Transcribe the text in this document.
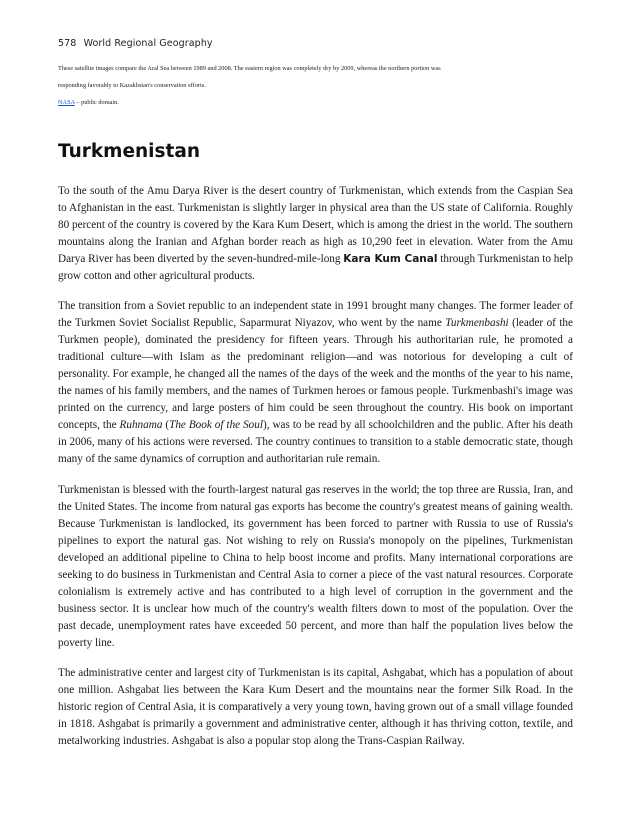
578 World Regional Geography
These satellite images compare the Aral Sea between 1989 and 2008. The eastern region was completely dry by 2009, whereas the northern portion was responding favorably to Kazakhstan's conservation efforts.
NASA – public domain.
Turkmenistan

To the south of the Amu Darya River is the desert country of Turkmenistan, which extends from the Caspian Sea to Afghanistan in the east. Turkmenistan is slightly larger in physical area than the US state of California. Roughly 80 percent of the country is covered by the Kara Kum Desert, which is among the driest in the world. The southern mountains along the Iranian and Afghan border reach as high as 10,290 feet in elevation. Water from the Amu Darya River has been diverted by the seven-hundred-mile-long Kara Kum Canal through Turkmenistan to help grow cotton and other agricultural products.

The transition from a Soviet republic to an independent state in 1991 brought many changes. The former leader of the Turkmen Soviet Socialist Republic, Saparmurat Niyazov, who went by the name Turkmenbashi (leader of the Turkmen people), dominated the presidency for fifteen years. Through his authoritarian rule, he promoted a traditional culture—with Islam as the predominant religion—and was notorious for developing a cult of personality. For example, he changed all the names of the days of the week and the months of the year to his name, the names of his family members, and the names of Turkmen heroes or famous people. Turkmenbashi's image was printed on the currency, and large posters of him could be seen throughout the country. His book on important concepts, the Ruhnama (The Book of the Soul), was to be read by all schoolchildren and the public. After his death in 2006, many of his actions were reversed. The country continues to transition to a stable democratic state, though many of the same dynamics of corruption and authoritarian rule remain.

Turkmenistan is blessed with the fourth-largest natural gas reserves in the world; the top three are Russia, Iran, and the United States. The income from natural gas exports has become the country's greatest means of gaining wealth. Because Turkmenistan is landlocked, its government has been forced to partner with Russia to use of Russia's pipelines to export the natural gas. Not wishing to rely on Russia's monopoly on the pipelines, Turkmenistan developed an additional pipeline to China to help boost income and profits. Many international corporations are seeking to do business in Turkmenistan and Central Asia to corner a piece of the vast natural resources. Corporate colonialism is extremely active and has contributed to a high level of corruption in the government and the business sector. It is unclear how much of the country's wealth filters down to most of the population. Over the past decade, unemployment rates have exceeded 50 percent, and more than half the population lives below the poverty line.

The administrative center and largest city of Turkmenistan is its capital, Ashgabat, which has a population of about one million. Ashgabat lies between the Kara Kum Desert and the mountains near the former Silk Road. In the historic region of Central Asia, it is comparatively a very young town, having grown out of a small village founded in 1818. Ashgabat is primarily a government and administrative center, although it has thriving cotton, textile, and metalworking industries. Ashgabat is also a popular stop along the Trans-Caspian Railway.
